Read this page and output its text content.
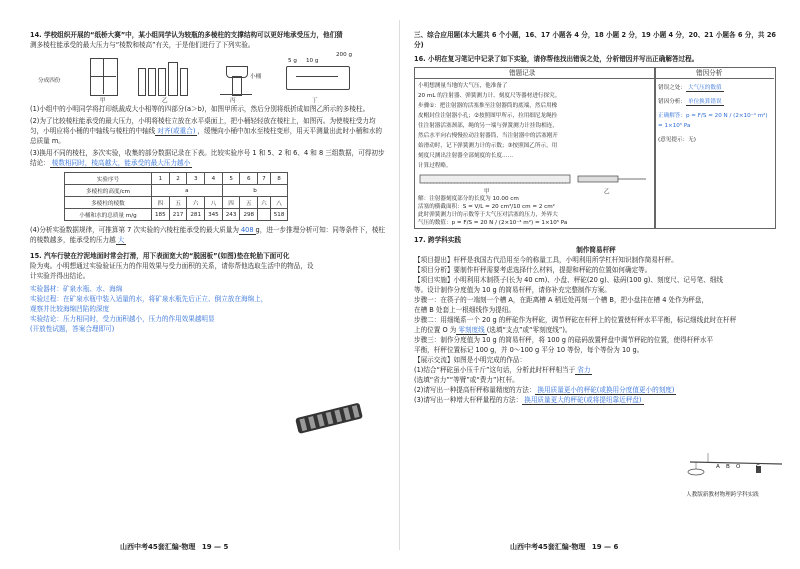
14. 学校组织开展的“纸桥大赛”中，某小组同学认为较瓶的多棱柱的支撑结构可以更好地承受压力，他们猜

测多棱柱能承受的最大压力与“棱数和棱高”有关，于是他们进行了下列实验。

分成四份
甲	乙
小桶
丙
5 g 10 g
200 g
丁

(1)小组中的小明同学将打印纸裁成大小相等的四部分(a＞b)，如图甲所示，然后分别将纸折成如图乙所示的多棱柱。

(2)为了比较棱柱能承受的最大压力，小明将棱柱立放在水平桌面上，把小桶轻轻放在棱柱上，如图丙。为使棱柱受力均匀，小明应将小桶的中轴线与棱柱的中轴线 对齐(或重合) ，缓慢向小桶中加水至棱柱变形，用天平测量出此时小桶和水的总质量 m。

(3)换用不同的棱柱，多次实验，收集的部分数据记录在下表。比较实验序号 1 和 5、2 和 6、4 和 8 三组数据，可得初步结论： 棱数相同时，棱高越大，能承受的最大压力越小

实验序号	1	2	3	4	5	6	7	8
多棱柱的高度/cm	a				b			
多棱柱的棱数	四	五	六	八	四	五	六	八
小桶和水的总质量 m/g	185	217	281	345	243	298		518

(4)分析实验数据规律，可推算第 7 次实验的六棱柱能承受的最大质量为 408 g，进一步推理分析可知：同等条件下，棱柱的棱数越多，能承受的压力越 大

15. 汽车行驶在泞泥地面时常会打滑，用下表面宽大的“脱困板”(如图)垫在轮胎下面可化

险为夷。小明想通过实验验证压力的作用效果与受力面积的关系，请你帮他选取生活中的物品，设

计实验并得出结论。

实验器材：矿泉水瓶、水、海绵

实验过程：在矿泉水瓶中装入适量的水，将矿泉水瓶先后正立、倒立放在海绵上，

观察并比较海绵凹陷的深度

实验结论：压力相同时，受力面积越小，压力的作用效果越明显

(开放性试题，答案合理即可)

山西中考45套汇编·物理 19 — 5

三、综合应用题(本大题共 6 个小题，16、17 小题各 4 分，18 小题 2 分，19 小题 4 分，20、21 小题各 6 分，共 26 分)

16. 小明在复习笔记中记录了如下实验，请你帮他找出错误之处，分析错因并写出正确解答过程。

错题记录	错因分析

小明想测量当地的大气压，他准备了

20 mL 的注射器、弹簧测力计、刻度尺等器材进行探究。

步骤①：把注射器的活塞推至注射器筒的底端，然后用橡

皮帽封住注射器小孔；②按照图甲所示，拉用细尼龙绳拴

住注射器活塞颈部，绳的另一端与弹簧测力计挂钩相连，

然后水平向右慢慢拉动注射器筒，当注射器中的活塞刚开

始滑动时，记下弹簧测力计的示数；③按照图乙所示，用

刻度尺测出注射器全部刻度的长度……

计算过程略。

甲	乙

解：注射器刻度部分的长度为 10.00 cm

活塞的横截面积：S = V/L = 20 cm³/10 cm = 2 cm²

此时弹簧测力计的示数等于大气压对活塞的压力，外界大

气压的数值：p = F/S = 20 N / (2×10⁻⁴ m²) = 1×10⁵ Pa

错误之处： 大气压的数值

错因分析： 单位换算错误

正确解答：p = F/S = 20 N / (2×10⁻⁴ m²) = 1×10⁵ Pa

(意见提示：无)

17. 跨学科实践

制作简易杆秤

【项目提出】杆秤是我国古代沿用至今的称量工具，小明利用所学杠杆知识制作简易杆秤。

【项目分析】要制作杆秤需要考虑选择什么材料，提提和秤砣的位置如何确定等。

【项目实施】小明利用木制筷子(长为 40 cm)、小盘、秤砣(20 g)、砝码(100 g)、刻度尺、记号笔、细线

等。设计制作分度值为 10 g 的简易杆秤，请你补充完整制作方案。

步骤一：在筷子的一端刻一个槽 A，在距离槽 A 稍近处再刻一个槽 B，把小盘挂在槽 4 处作为秤盘，

在槽 B 处套上一根细线作为提纽。

步骤二：用细绳系一个 20 g 的秤砣作为秤砣，调节秤砣在杆秤上的位置使杆秤水平平衡，标记细线此时在杆秤

上的位置 O 为 零刻度线 (选填“支点”或“零刻度线”)。

步骤三：制作分度值为 10 g 的简易杆秤，将 100 g 的砝码放置秤盘中调节秤砣的位置，使得杆秤水平

平衡，杆秤位置标记 100 g，并 0～100 g 平分 10 等份，每个等份为 10 g。

【展示交流】如图是小明完成的作品：

(1)结合“秤砣虽小压千斤”这句话，分析此时杆秤相当于 省力

(选填“省力”“等臂”或“费力”)杠杆。

(2)请写出一种提高杆秤称量精度的方法： 换用质量更小的秤砣(或换用分度值更小的刻度)

(3)请写出一种增大杆秤量程的方法： 换用质量更大的秤砣(或将提纽靠近秤盘)

A B O	C
人教版新教材物理跨学科实践
山西中考45套汇编·物理 19 — 6
